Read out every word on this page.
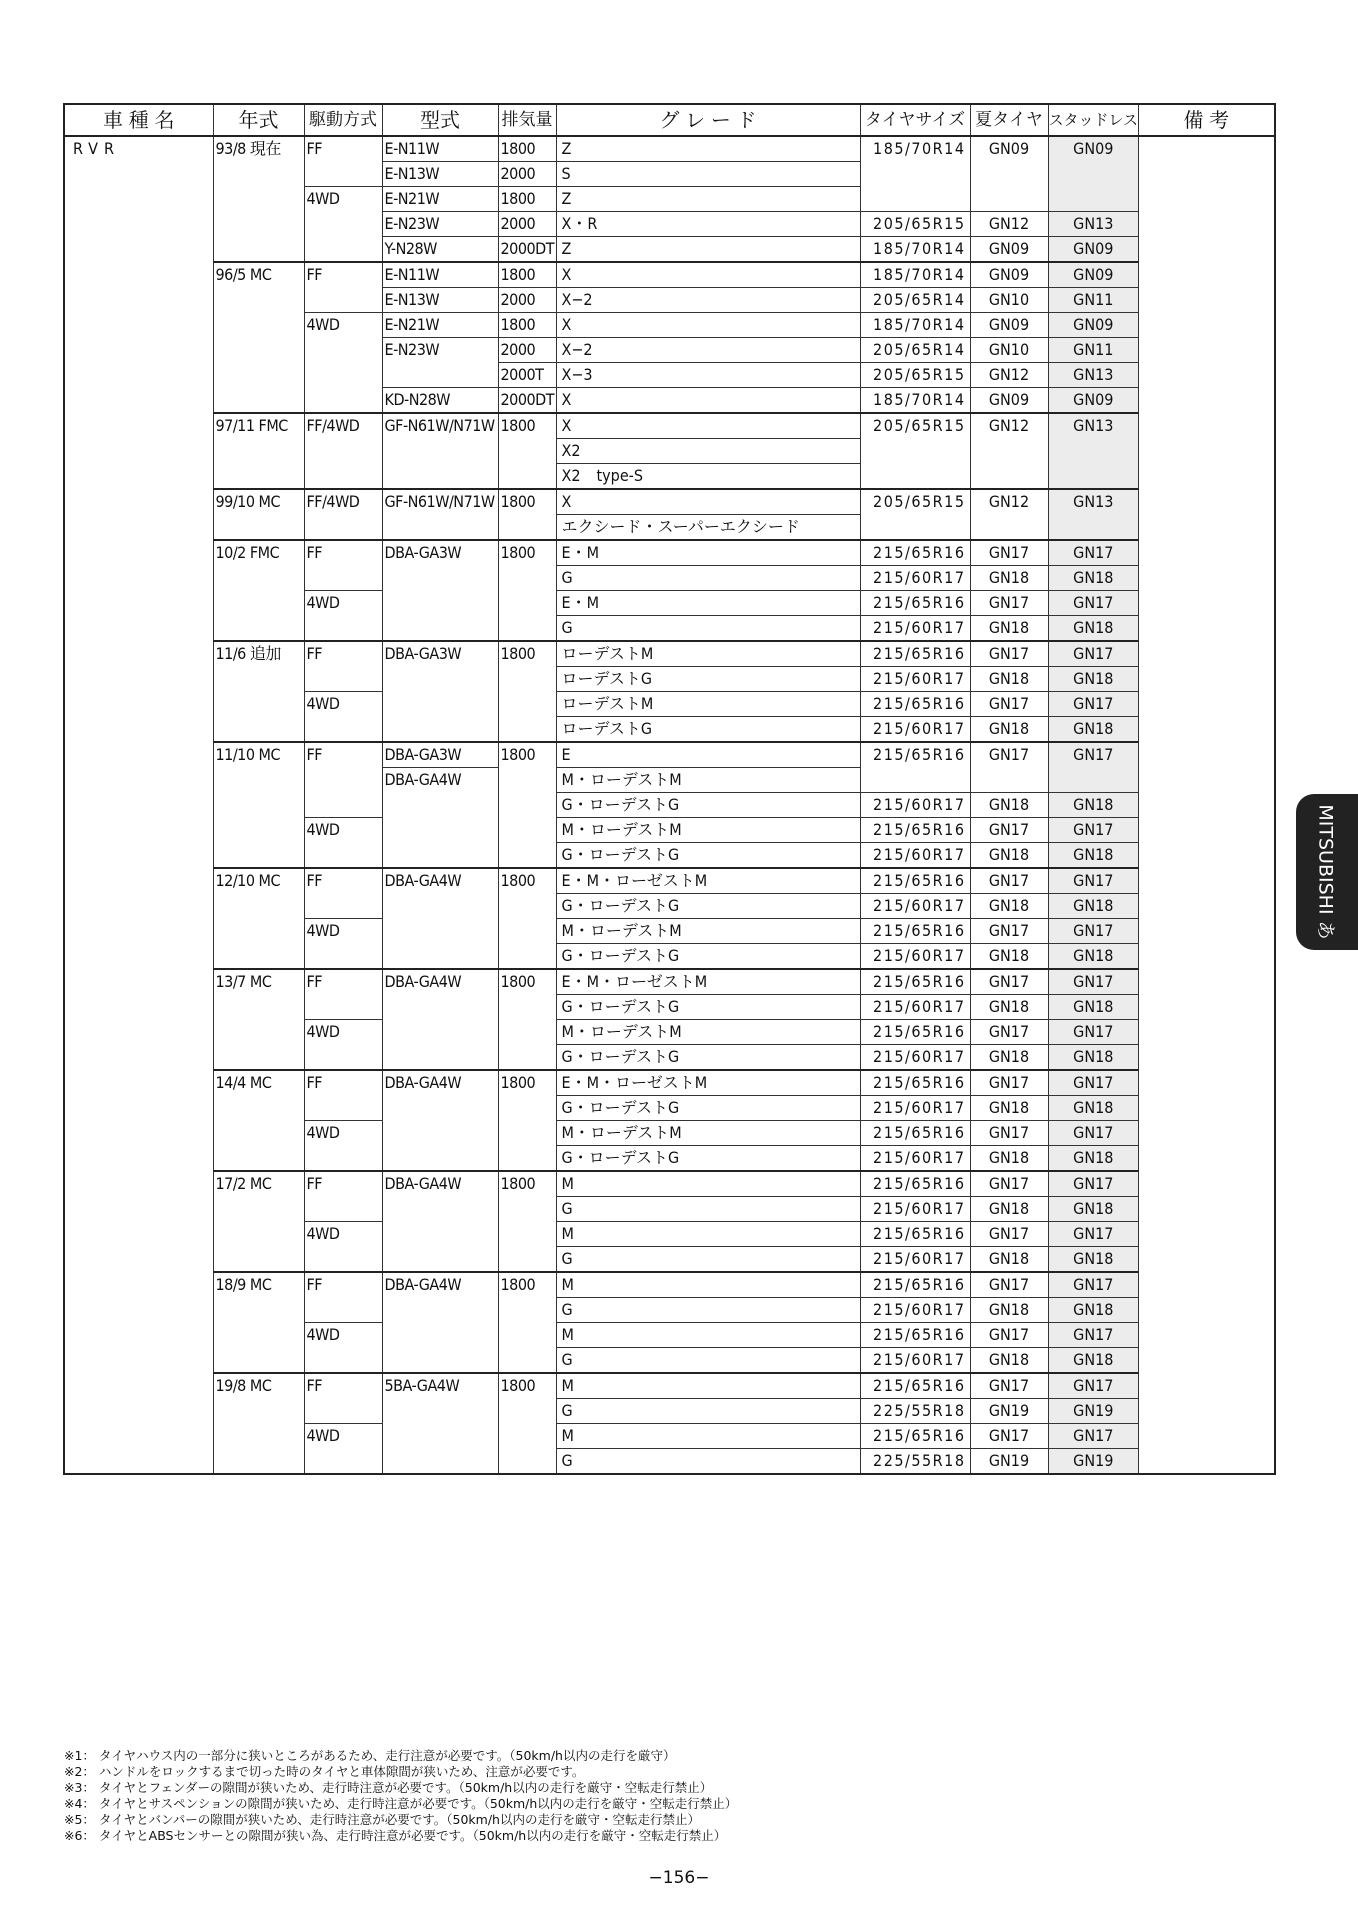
車 種 名	年式	駆動方式	型式	排気量	グ レ ー ド	タイヤサイズ	夏タイヤ	スタッドレス	備 考
RVR	93/8 現在	FF	E-N11W	1800	Z	185/70R14	GN09	GN09	
			E-N13W	2000	S				
		4WD	E-N21W	1800	Z				
			E-N23W	2000	X・R	205/65R15	GN12	GN13	
			Y-N28W	2000DT	Z	185/70R14	GN09	GN09	
	96/5 MC	FF	E-N11W	1800	X	185/70R14	GN09	GN09	
			E-N13W	2000	X−2	205/65R14	GN10	GN11	
		4WD	E-N21W	1800	X	185/70R14	GN09	GN09	
			E-N23W	2000	X−2	205/65R14	GN10	GN11	
				2000T	X−3	205/65R15	GN12	GN13	
			KD-N28W	2000DT	X	185/70R14	GN09	GN09	
	97/11 FMC	FF/4WD	GF-N61W/N71W	1800	X	205/65R15	GN12	GN13	
					X2				
					X2　type-S				
	99/10 MC	FF/4WD	GF-N61W/N71W	1800	X	205/65R15	GN12	GN13	
					エクシード・スーパーエクシード				
	10/2 FMC	FF	DBA-GA3W	1800	E・M	215/65R16	GN17	GN17	
					G	215/60R17	GN18	GN18	
		4WD			E・M	215/65R16	GN17	GN17	
					G	215/60R17	GN18	GN18	
	11/6 追加	FF	DBA-GA3W	1800	ローデストM	215/65R16	GN17	GN17	
					ローデストG	215/60R17	GN18	GN18	
		4WD			ローデストM	215/65R16	GN17	GN17	
					ローデストG	215/60R17	GN18	GN18	
	11/10 MC	FF	DBA-GA3W	1800	E	215/65R16	GN17	GN17	
			DBA-GA4W		M・ローデストM				
					G・ローデストG	215/60R17	GN18	GN18	
		4WD			M・ローデストM	215/65R16	GN17	GN17	
					G・ローデストG	215/60R17	GN18	GN18	
	12/10 MC	FF	DBA-GA4W	1800	E・M・ローゼストM	215/65R16	GN17	GN17	
					G・ローデストG	215/60R17	GN18	GN18	
		4WD			M・ローデストM	215/65R16	GN17	GN17	
					G・ローデストG	215/60R17	GN18	GN18	
	13/7 MC	FF	DBA-GA4W	1800	E・M・ローゼストM	215/65R16	GN17	GN17	
					G・ローデストG	215/60R17	GN18	GN18	
		4WD			M・ローデストM	215/65R16	GN17	GN17	
					G・ローデストG	215/60R17	GN18	GN18	
	14/4 MC	FF	DBA-GA4W	1800	E・M・ローゼストM	215/65R16	GN17	GN17	
					G・ローデストG	215/60R17	GN18	GN18	
		4WD			M・ローデストM	215/65R16	GN17	GN17	
					G・ローデストG	215/60R17	GN18	GN18	
	17/2 MC	FF	DBA-GA4W	1800	M	215/65R16	GN17	GN17	
					G	215/60R17	GN18	GN18	
		4WD			M	215/65R16	GN17	GN17	
					G	215/60R17	GN18	GN18	
	18/9 MC	FF	DBA-GA4W	1800	M	215/65R16	GN17	GN17	
					G	215/60R17	GN18	GN18	
		4WD			M	215/65R16	GN17	GN17	
					G	215/60R17	GN18	GN18	
	19/8 MC	FF	5BA-GA4W	1800	M	215/65R16	GN17	GN17	
					G	225/55R18	GN19	GN19	
		4WD			M	215/65R16	GN17	GN17	
					G	225/55R18	GN19	GN19	
MITSUBISHI あ
※1： タイヤハウス内の一部分に狭いところがあるため、走行注意が必要です。（50km/h以内の走行を厳守）
※2： ハンドルをロックするまで切った時のタイヤと車体隙間が狭いため、注意が必要です。
※3： タイヤとフェンダーの隙間が狭いため、走行時注意が必要です。（50km/h以内の走行を厳守・空転走行禁止）
※4： タイヤとサスペンションの隙間が狭いため、走行時注意が必要です。（50km/h以内の走行を厳守・空転走行禁止）
※5： タイヤとバンパーの隙間が狭いため、走行時注意が必要です。（50km/h以内の走行を厳守・空転走行禁止）
※6： タイヤとABSセンサーとの隙間が狭い為、走行時注意が必要です。（50km/h以内の走行を厳守・空転走行禁止）
−156−
